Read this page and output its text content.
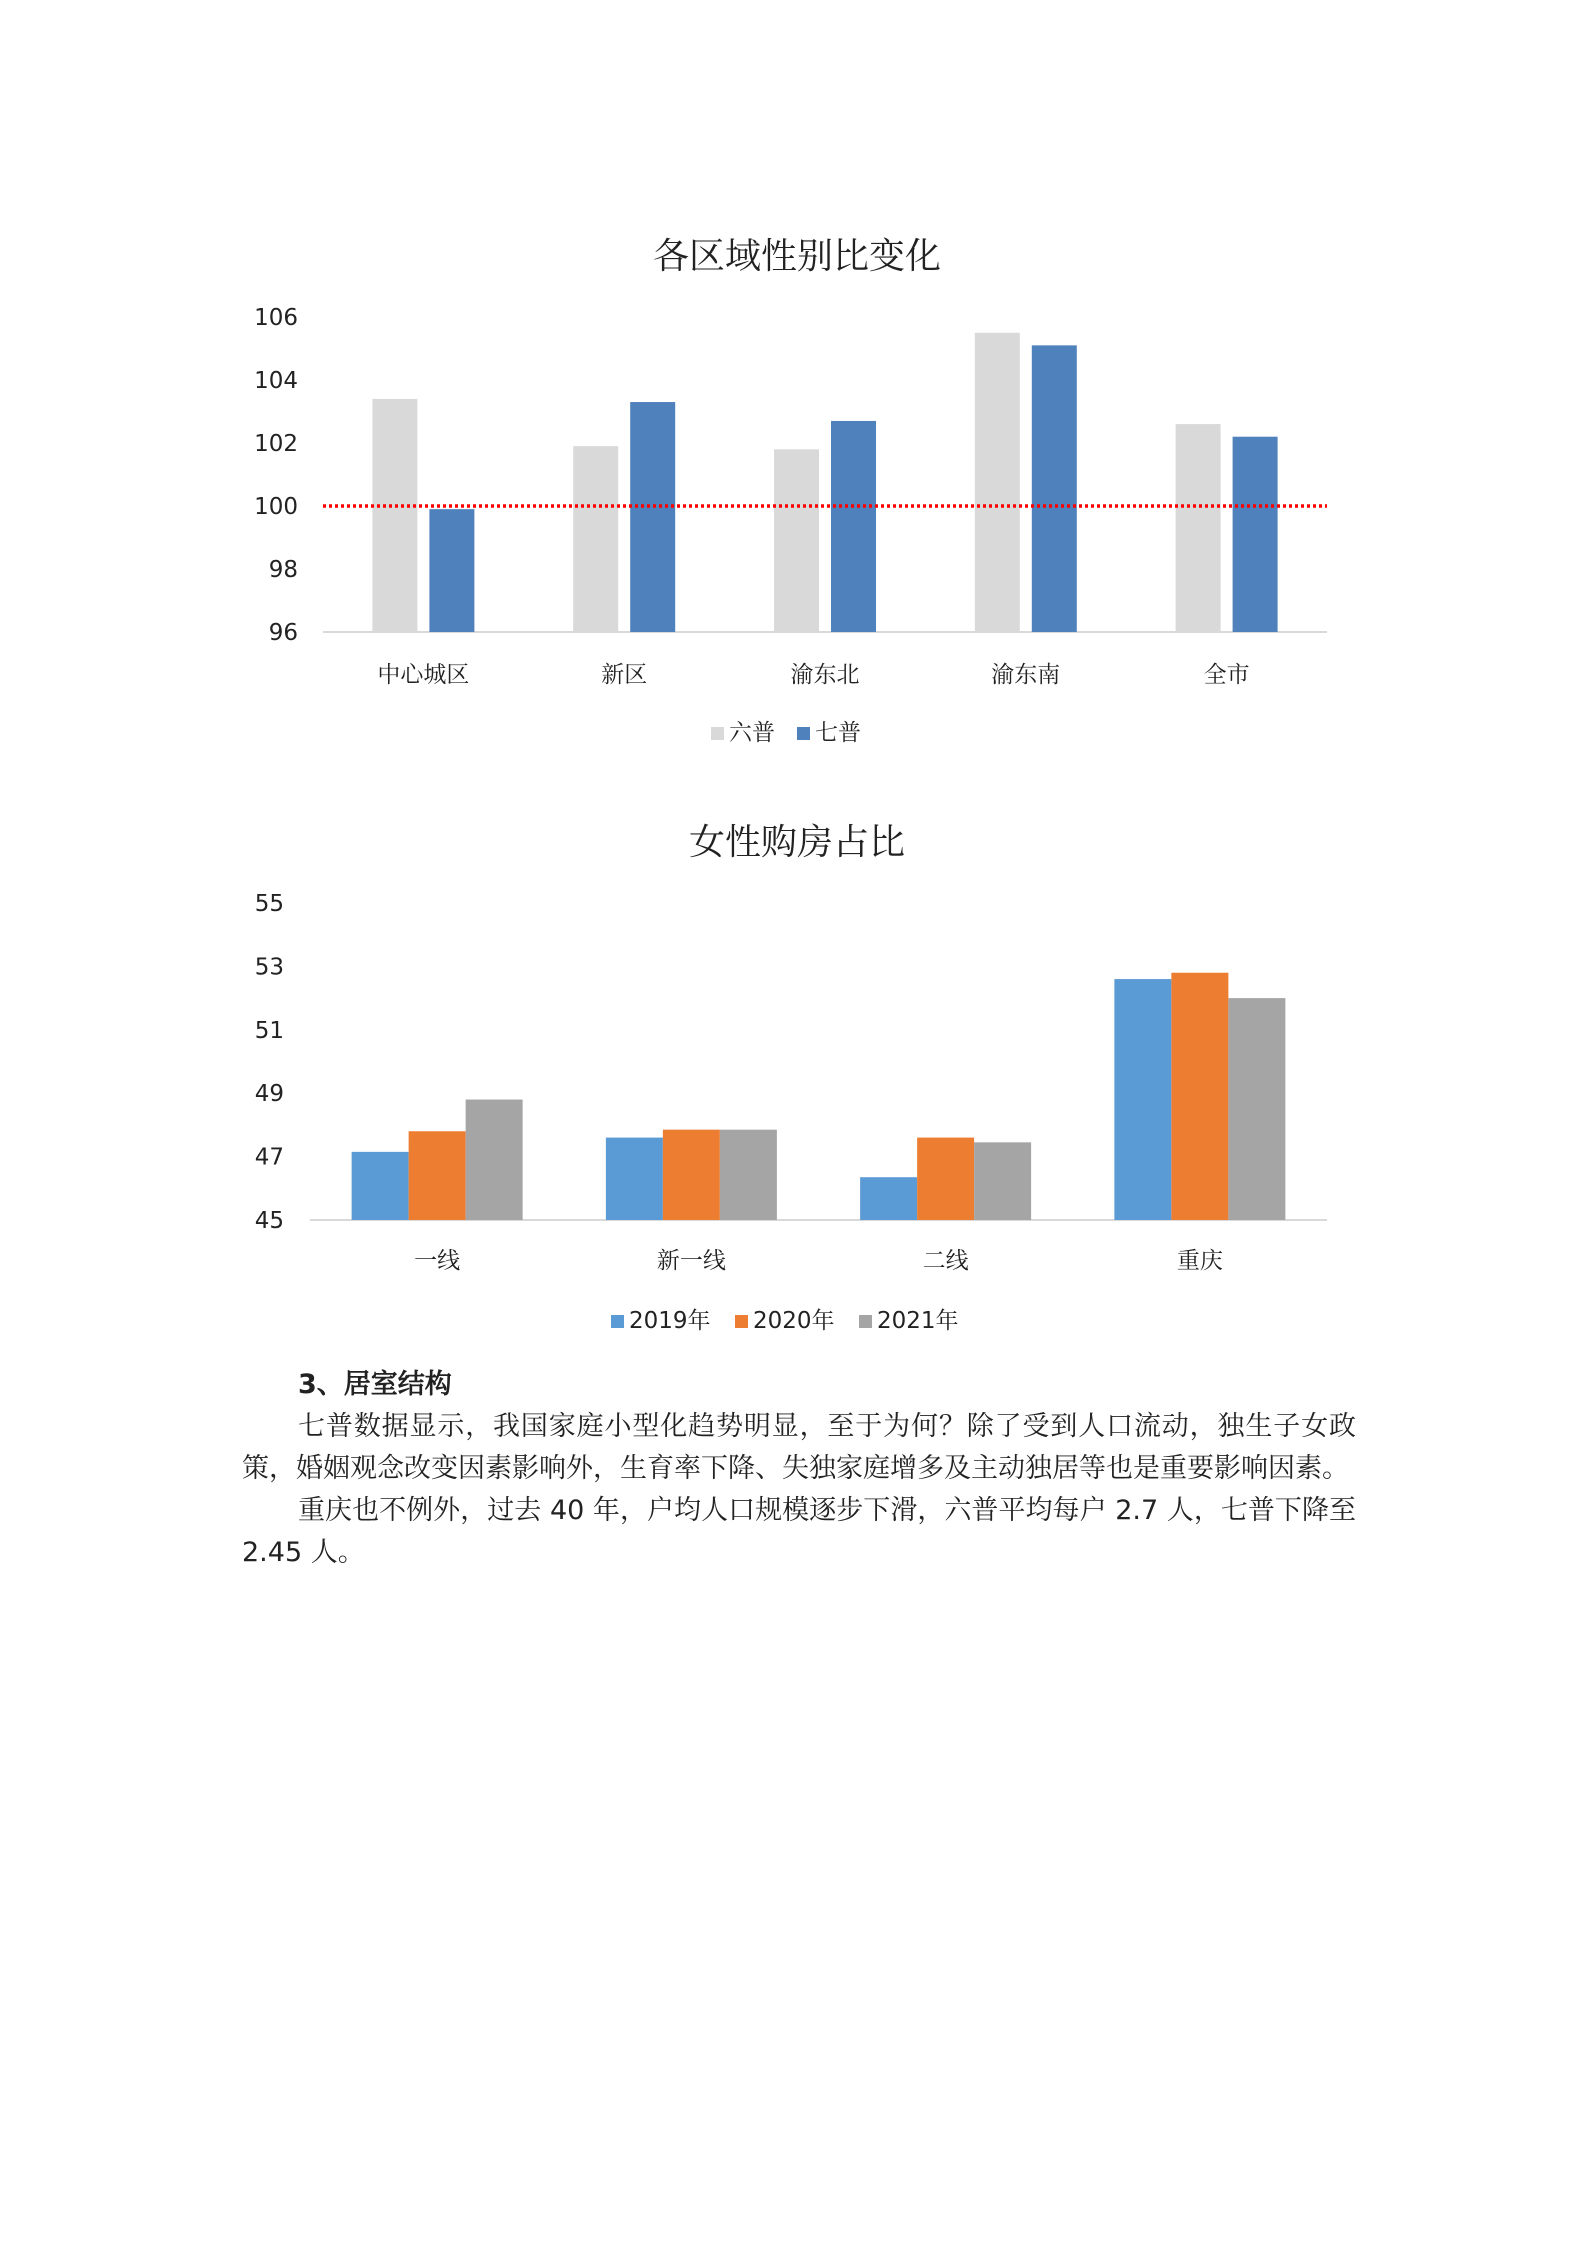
各区域性别比变化
96
98
100
102
104
106
中心城区	新区	渝东北	渝东南	全市
六普 七普
女性购房占比
45
47
49
51
53
55
一线	新一线	二线	重庆
2019年 2020年 2021年

3、居室结构

七普数据显示，我国家庭小型化趋势明显，至于为何？除了受到人口流动，独生子女政策，婚姻观念改变因素影响外，生育率下降、失独家庭增多及主动独居等也是重要影响因素。

重庆也不例外，过去 40 年，户均人口规模逐步下滑，六普平均每户 2.7 人，七普下降至 2.45 人。
